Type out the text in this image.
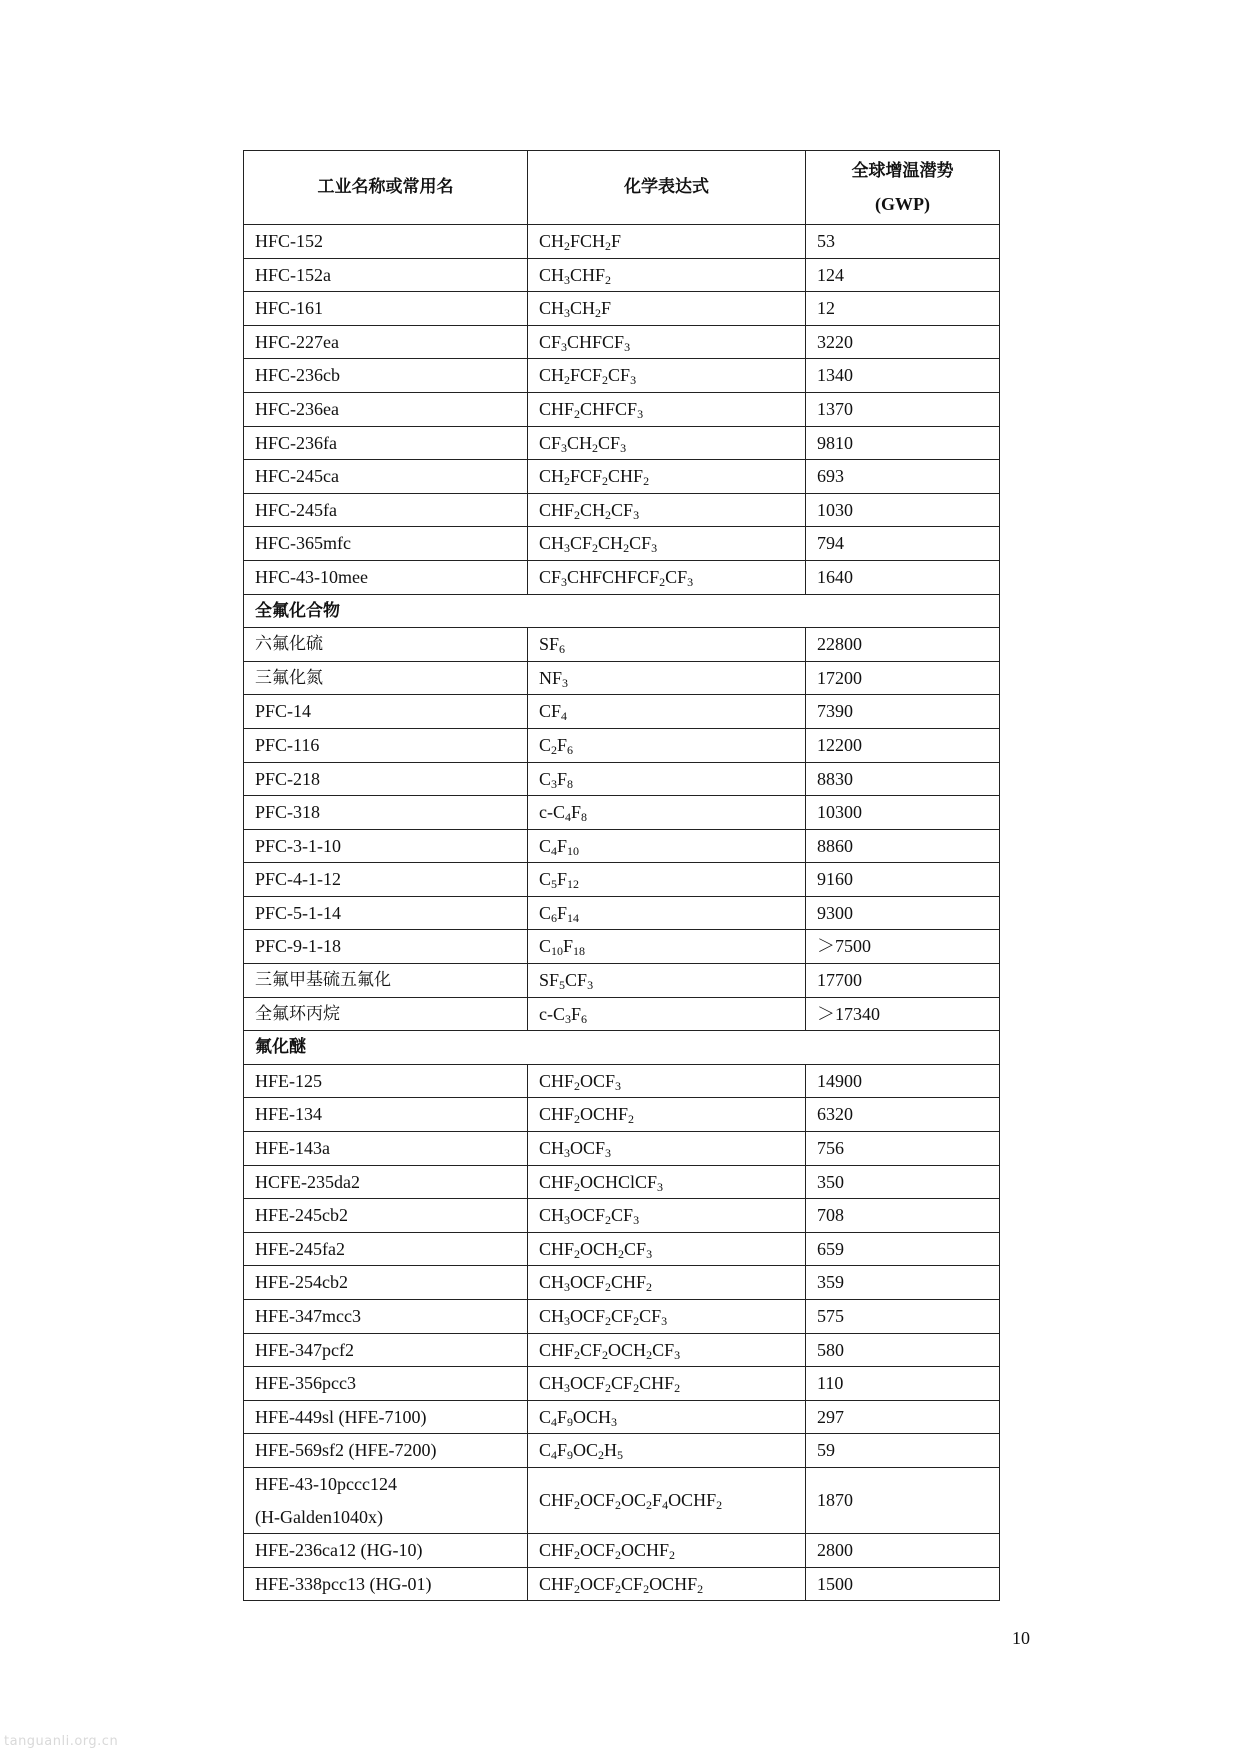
工业名称或常用名	化学表达式	全球增温潜势
(GWP)

HFC-152	$CH_2FCH_2F$	53
HFC-152a	$CH_3CHF_2$	124
HFC-161	$CH_3CH_2F$	12
HFC-227ea	$CF_3CHFCF_3$	3220
HFC-236cb	$CH_2FCF_2CF_3$	1340
HFC-236ea	$CHF_2CHFCF_3$	1370
HFC-236fa	$CF_3CH_2CF_3$	9810
HFC-245ca	$CH_2FCF_2CHF_2$	693
HFC-245fa	$CHF_2CH_2CF_3$	1030
HFC-365mfc	$CH_3CF_2CH_2CF_3$	794
HFC-43-10mee	$CF_3CHFCHFCF_2CF_3$	1640
全氟化合物		
六氟化硫	$SF_6$	22800
三氟化氮	$NF_3$	17200
PFC-14	$CF_4$	7390
PFC-116	$C_2F_6$	12200
PFC-218	$C_3F_8$	8830
PFC-318	$c-C_4F_8$	10300
PFC-3-1-10	$C_4F_{10}$	8860
PFC-4-1-12	$C_5F_{12}$	9160
PFC-5-1-14	$C_6F_{14}$	9300
PFC-9-1-18	$C_{10}F_{18}$	＞7500
三氟甲基硫五氟化	$SF_5CF_3$	17700
全氟环丙烷	$c-C_3F_6$	＞17340
氟化醚		
HFE-125	$CHF_2OCF_3$	14900
HFE-134	$CHF_2OCHF_2$	6320
HFE-143a	$CH_3OCF_3$	756
HCFE-235da2	$CHF_2OCHClCF_3$	350
HFE-245cb2	$CH_3OCF_2CF_3$	708
HFE-245fa2	$CHF_2OCH_2CF_3$	659
HFE-254cb2	$CH_3OCF_2CHF_2$	359
HFE-347mcc3	$CH_3OCF_2CF_2CF_3$	575
HFE-347pcf2	$CHF_2CF_2OCH_2CF_3$	580
HFE-356pcc3	$CH_3OCF_2CF_2CHF_2$	110
HFE-449sl (HFE-7100)	$C_4F_9OCH_3$	297
HFE-569sf2 (HFE-7200)	$C_4F_9OC_2H_5$	59

HFE-43-10pccc124
(H-Galden1040x)	$CHF_2OCF_2OC_2F_4OCHF_2$	1870
HFE-236ca12 (HG-10)	$CHF_2OCF_2OCHF_2$	2800
HFE-338pcc13 (HG-01)	$CHF_2OCF_2CF_2OCHF_2$	1500
10
tanguanli.org.cn
